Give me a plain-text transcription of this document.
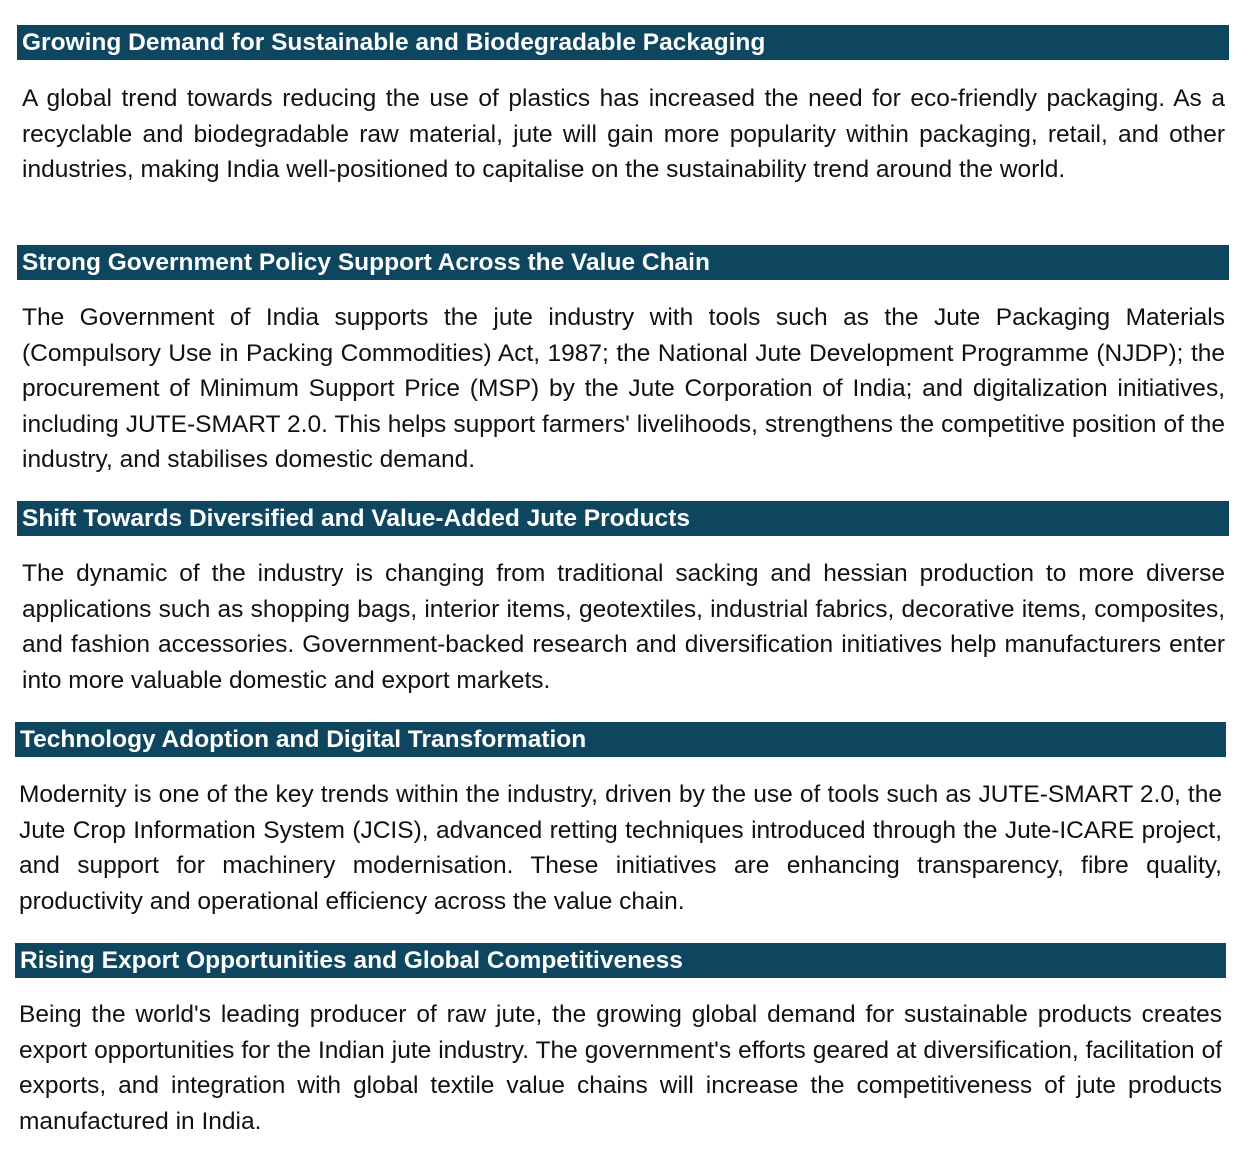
Growing Demand for Sustainable and Biodegradable Packaging

A global trend towards reducing the use of plastics has increased the need for eco-friendly packaging. As a recyclable and biodegradable raw material, jute will gain more popularity within packaging, retail, and other industries, making India well-positioned to capitalise on the sustainability trend around the world.

Strong Government Policy Support Across the Value Chain

The Government of India supports the jute industry with tools such as the Jute Packaging Materials (Compulsory Use in Packing Commodities) Act, 1987; the National Jute Development Programme (NJDP); the procurement of Minimum Support Price (MSP) by the Jute Corporation of India; and digitalization initiatives, including JUTE-SMART 2.0. This helps support farmers' livelihoods, strengthens the competitive position of the industry, and stabilises domestic demand.

Shift Towards Diversified and Value-Added Jute Products

The dynamic of the industry is changing from traditional sacking and hessian production to more diverse applications such as shopping bags, interior items, geotextiles, industrial fabrics, decorative items, composites, and fashion accessories. Government-backed research and diversification initiatives help manufacturers enter into more valuable domestic and export markets.

Technology Adoption and Digital Transformation

Modernity is one of the key trends within the industry, driven by the use of tools such as JUTE-SMART 2.0, the Jute Crop Information System (JCIS), advanced retting techniques introduced through the Jute-ICARE project, and support for machinery modernisation. These initiatives are enhancing transparency, fibre quality, productivity and operational efficiency across the value chain.

Rising Export Opportunities and Global Competitiveness

Being the world's leading producer of raw jute, the growing global demand for sustainable products creates export opportunities for the Indian jute industry. The government's efforts geared at diversification, facilitation of exports, and integration with global textile value chains will increase the competitiveness of jute products manufactured in India.
